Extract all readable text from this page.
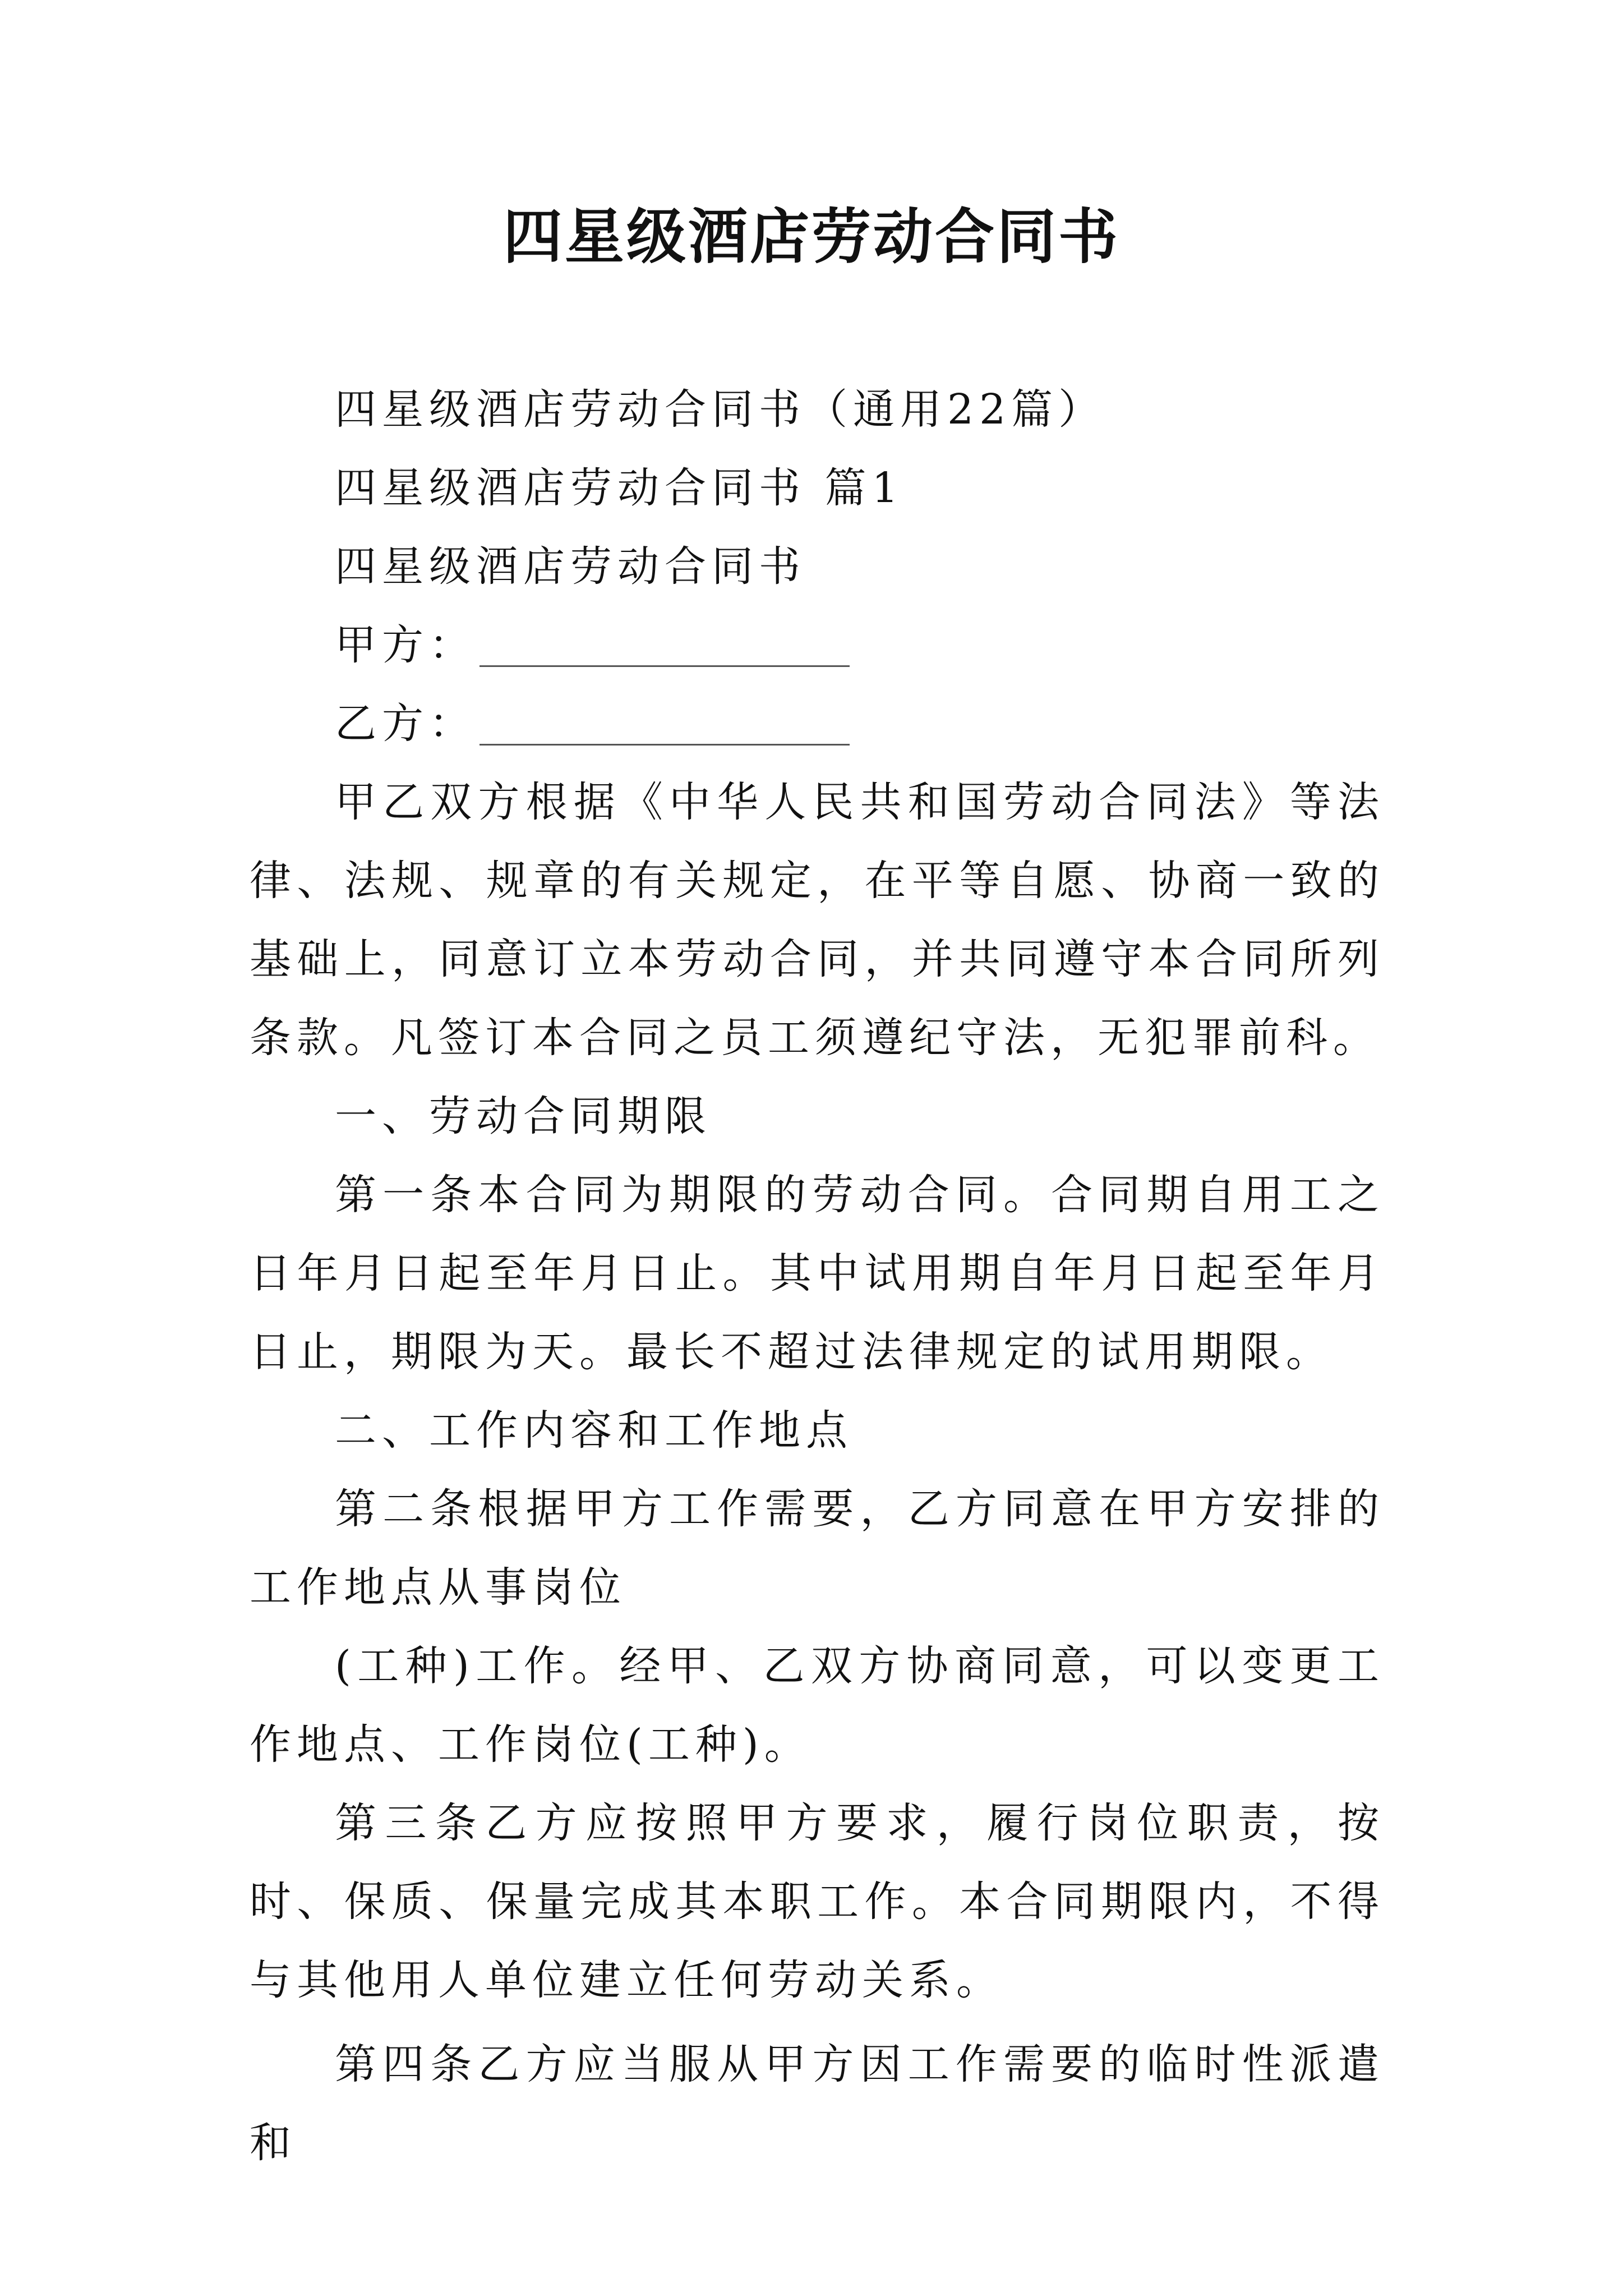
四星级酒店劳动合同书
四星级酒店劳动合同书（通用22篇）
四星级酒店劳动合同书 篇1
四星级酒店劳动合同书
甲方：
乙方：

甲乙双方根据《中华人民共和国劳动合同法》等法律、法规、规章的有关规定，在平等自愿、协商一致的基础上，同意订立本劳动合同，并共同遵守本合同所列条款。凡签订本合同之员工须遵纪守法，无犯罪前科。

一、劳动合同期限

第一条本合同为期限的劳动合同。合同期自用工之日年月日起至年月日止。其中试用期自年月日起至年月日止，期限为天。最长不超过法律规定的试用期限。

二、工作内容和工作地点

第二条根据甲方工作需要，乙方同意在甲方安排的工作地点从事岗位

(工种)工作。经甲、乙双方协商同意，可以变更工作地点、工作岗位(工种)。

第三条乙方应按照甲方要求，履行岗位职责，按时、保质、保量完成其本职工作。本合同期限内，不得与其他用人单位建立任何劳动关系。

第四条乙方应当服从甲方因工作需要的临时性派遣和
